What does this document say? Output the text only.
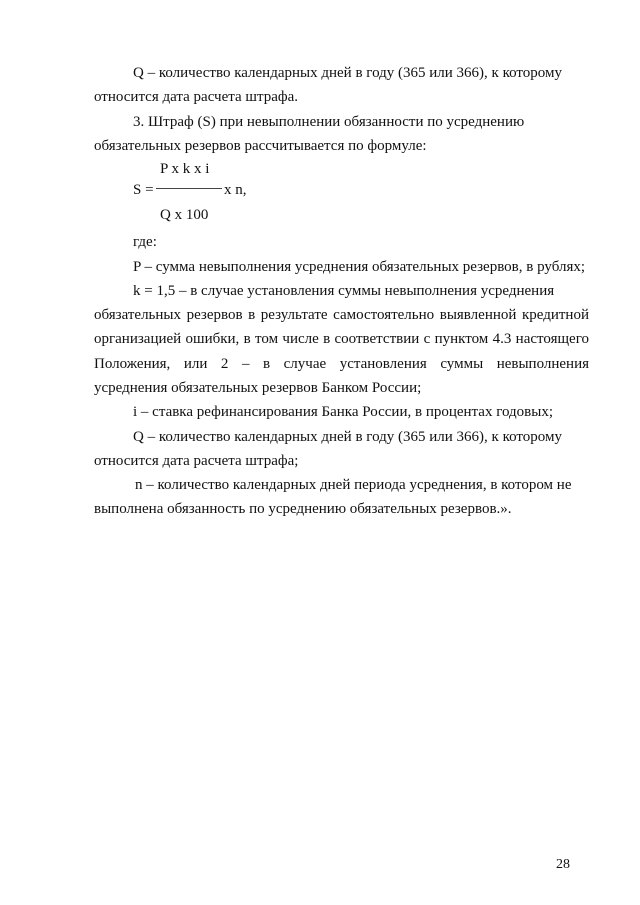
Q – количество календарных дней в году (365 или 366), к которому
относится дата расчета штрафа.
3. Штраф (S) при невыполнении обязанности по усреднению
обязательных резервов рассчитывается по формуле:
P x k x i
S =	x n,
Q x 100
где:
P – сумма невыполнения усреднения обязательных резервов, в рублях;
k = 1,5 – в случае установления суммы невыполнения усреднения
обязательных резервов в результате самостоятельно выявленной кредитной
организацией ошибки, в том числе в соответствии с пунктом 4.3 настоящего
Положения, или 2 – в случае установления суммы невыполнения
усреднения обязательных резервов Банком России;
i – ставка рефинансирования Банка России, в процентах годовых;
Q – количество календарных дней в году (365 или 366), к которому
относится дата расчета штрафа;
n – количество календарных дней периода усреднения, в котором не
выполнена обязанность по усреднению обязательных резервов.».
28
